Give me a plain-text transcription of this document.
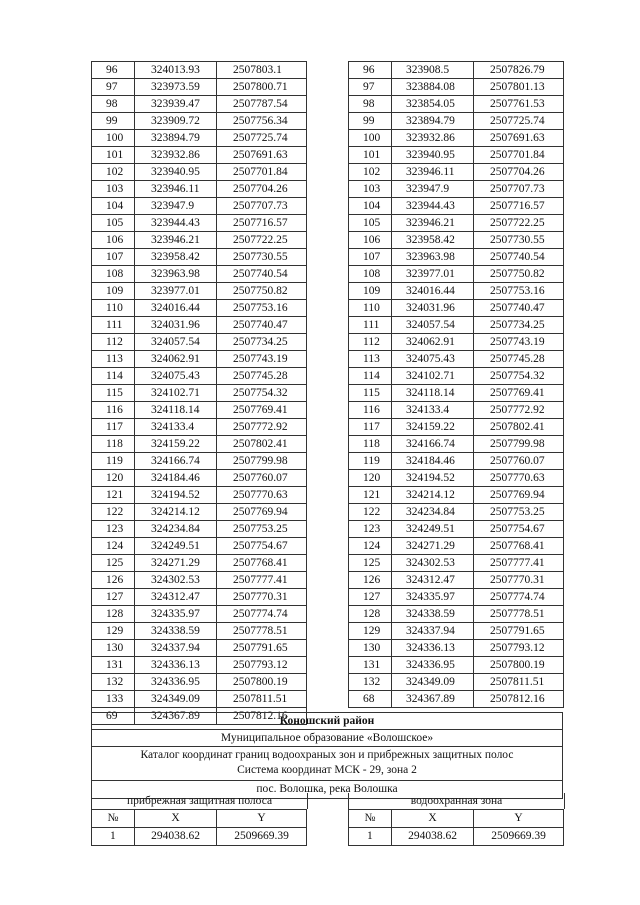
96	324013.93	2507803.1
97	323973.59	2507800.71
98	323939.47	2507787.54
99	323909.72	2507756.34
100	323894.79	2507725.74
101	323932.86	2507691.63
102	323940.95	2507701.84
103	323946.11	2507704.26
104	323947.9	2507707.73
105	323944.43	2507716.57
106	323946.21	2507722.25
107	323958.42	2507730.55
108	323963.98	2507740.54
109	323977.01	2507750.82
110	324016.44	2507753.16
111	324031.96	2507740.47
112	324057.54	2507734.25
113	324062.91	2507743.19
114	324075.43	2507745.28
115	324102.71	2507754.32
116	324118.14	2507769.41
117	324133.4	2507772.92
118	324159.22	2507802.41
119	324166.74	2507799.98
120	324184.46	2507760.07
121	324194.52	2507770.63
122	324214.12	2507769.94
123	324234.84	2507753.25
124	324249.51	2507754.67
125	324271.29	2507768.41
126	324302.53	2507777.41
127	324312.47	2507770.31
128	324335.97	2507774.74
129	324338.59	2507778.51
130	324337.94	2507791.65
131	324336.13	2507793.12
132	324336.95	2507800.19
133	324349.09	2507811.51
69	324367.89	2507812.16
96	323908.5	2507826.79
97	323884.08	2507801.13
98	323854.05	2507761.53
99	323894.79	2507725.74
100	323932.86	2507691.63
101	323940.95	2507701.84
102	323946.11	2507704.26
103	323947.9	2507707.73
104	323944.43	2507716.57
105	323946.21	2507722.25
106	323958.42	2507730.55
107	323963.98	2507740.54
108	323977.01	2507750.82
109	324016.44	2507753.16
110	324031.96	2507740.47
111	324057.54	2507734.25
112	324062.91	2507743.19
113	324075.43	2507745.28
114	324102.71	2507754.32
115	324118.14	2507769.41
116	324133.4	2507772.92
117	324159.22	2507802.41
118	324166.74	2507799.98
119	324184.46	2507760.07
120	324194.52	2507770.63
121	324214.12	2507769.94
122	324234.84	2507753.25
123	324249.51	2507754.67
124	324271.29	2507768.41
125	324302.53	2507777.41
126	324312.47	2507770.31
127	324335.97	2507774.74
128	324338.59	2507778.51
129	324337.94	2507791.65
130	324336.13	2507793.12
131	324336.95	2507800.19
132	324349.09	2507811.51
68	324367.89	2507812.16
Коношский район
Муниципальное образование «Волошское»
Каталог координат границ водоохраных зон и прибрежных защитных полос
Система координат МСК - 29, зона 2
пос. Волошка, река Волошка
прибрежная защитная полоса	водоохранная зона
№	X	Y
1	294038.62	2509669.39
№	X	Y
1	294038.62	2509669.39
